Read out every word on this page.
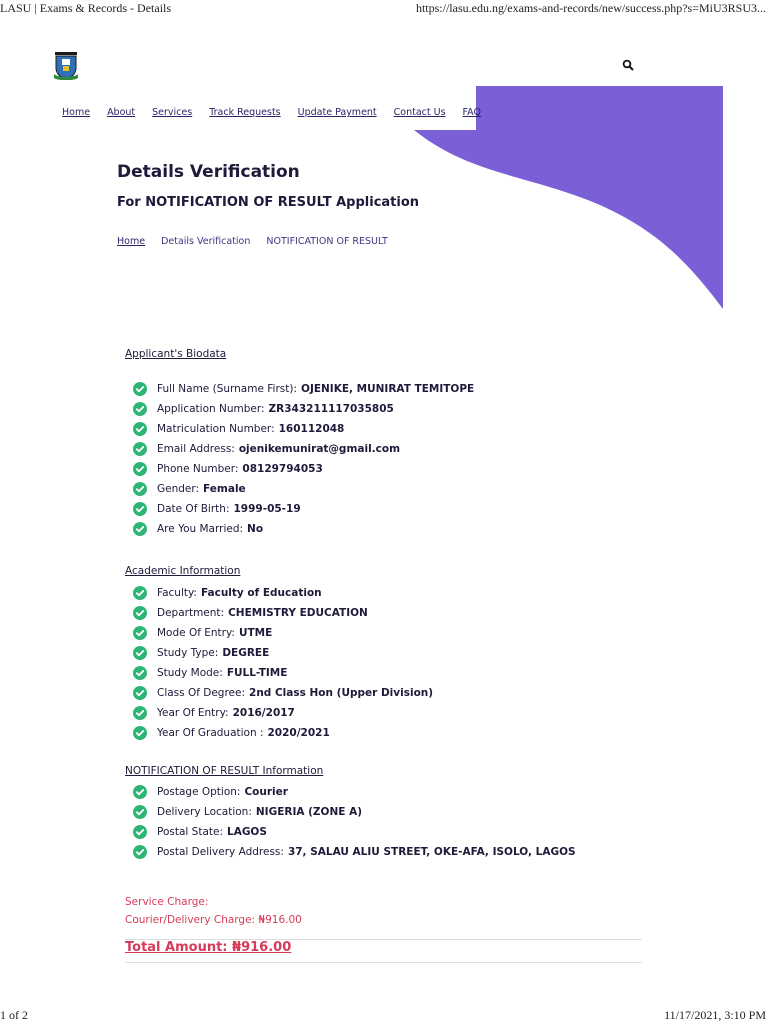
LASU | Exams & Records - Details	https://lasu.edu.ng/exams-and-records/new/success.php?s=MiU3RSU3...
Home	About	Services	Track Requests	Update Payment	Contact Us	FAQ
Details Verification
For NOTIFICATION OF RESULT Application
Home Details Verification NOTIFICATION OF RESULT
Applicant's Biodata
Full Name (Surname First): OJENIKE, MUNIRAT TEMITOPE
Application Number: ZR343211117035805
Matriculation Number: 160112048
Email Address: ojenikemunirat@gmail.com
Phone Number: 08129794053
Gender: Female
Date Of Birth: 1999-05-19
Are You Married: No
Academic Information
Faculty: Faculty of Education
Department: CHEMISTRY EDUCATION
Mode Of Entry: UTME
Study Type: DEGREE
Study Mode: FULL-TIME
Class Of Degree: 2nd Class Hon (Upper Division)
Year Of Entry: 2016/2017
Year Of Graduation : 2020/2021
NOTIFICATION OF RESULT Information
Postage Option: Courier
Delivery Location: NIGERIA (ZONE A)
Postal State: LAGOS
Postal Delivery Address: 37, SALAU ALIU STREET, OKE-AFA, ISOLO, LAGOS
Service Charge:
Courier/Delivery Charge: ₦916.00
Total Amount: ₦916.00
1 of 2	11/17/2021, 3:10 PM
